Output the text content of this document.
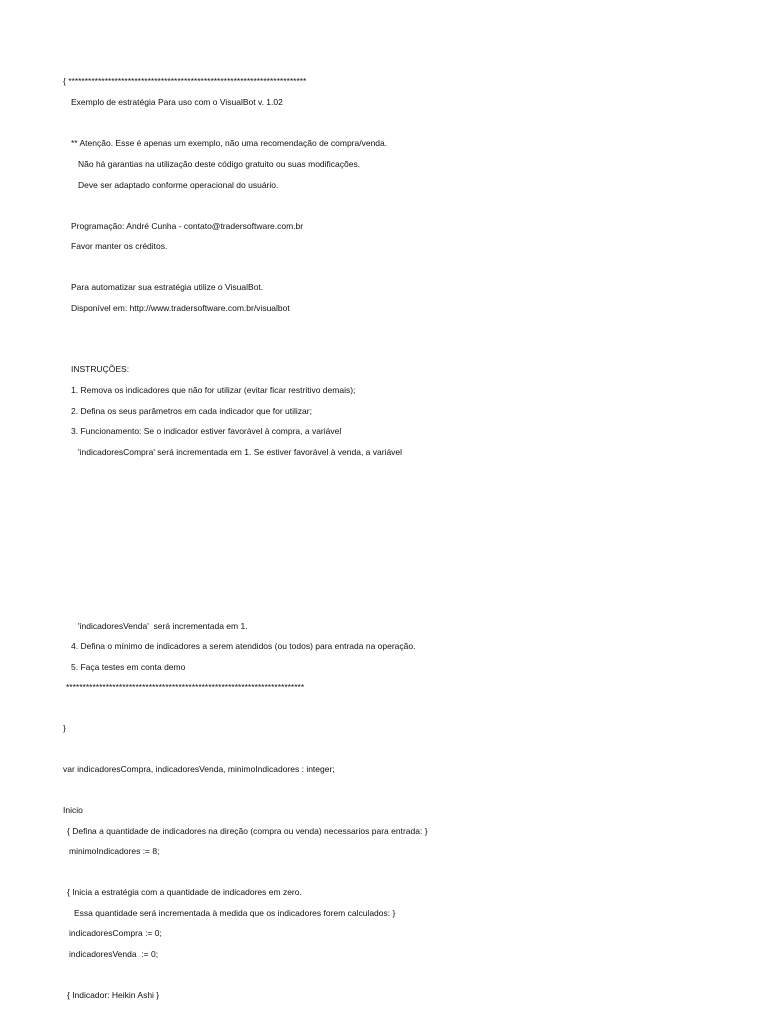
{ ************************************************************************
Exemplo de estratégia Para uso com o VisualBot v. 1.02
** Atenção. Esse é apenas um exemplo, não uma recomendação de compra/venda.
Não há garantias na utilização deste código gratuito ou suas modificações.
Deve ser adaptado conforme operacional do usuário.
Programação: André Cunha - contato@tradersoftware.com.br
Favor manter os créditos.
Para automatizar sua estratégia utilize o VisualBot.
Disponível em: http://www.tradersoftware.com.br/visualbot
INSTRUÇÕES:
1. Remova os indicadores que não for utilizar (evitar ficar restritivo demais);
2. Defina os seus parâmetros em cada indicador que for utilizar;
3. Funcionamento: Se o indicador estiver favorável à compra, a variável
'indicadoresCompra' será incrementada em 1. Se estiver favorável à venda, a variável
'indicadoresVenda'  será incrementada em 1.
4. Defina o mínimo de indicadores a serem atendidos (ou todos) para entrada na operação.
5. Faça testes em conta demo
************************************************************************
}
var indicadoresCompra, indicadoresVenda, minimoIndicadores : integer;
Inicio
{ Defina a quantidade de indicadores na direção (compra ou venda) necessarios para entrada: }
minimoIndicadores := 8;
{ Inicia a estratégia com a quantidade de indicadores em zero.
Essa quantidade será incrementada à medida que os indicadores forem calculados: }
indicadoresCompra := 0;
indicadoresVenda  := 0;
{ Indicador: Heikin Ashi }
